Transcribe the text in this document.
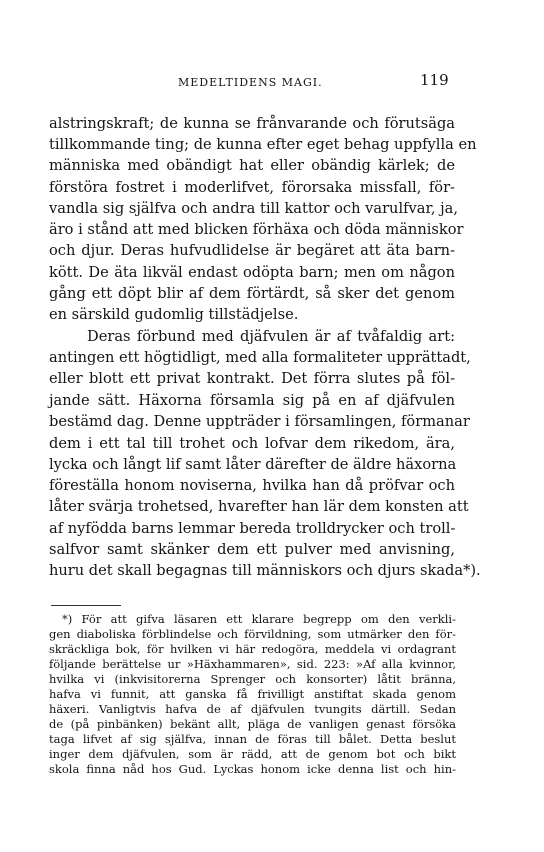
MEDELTIDENS MAGI.	119
alstringskraft; de kunna se frånvarande och förutsäga
tillkommande ting; de kunna efter eget behag uppfylla en
människa med obändigt hat eller obändig kärlek; de
förstöra fostret i moderlifvet, förorsaka missfall, för-
vandla sig själfva och andra till kattor och varulfvar, ja,
äro i stånd att med blicken förhäxa och döda människor
och djur. Deras hufvudlidelse är begäret att äta barn-
kött. De äta likväl endast odöpta barn; men om någon
gång ett döpt blir af dem förtärdt, så sker det genom
en särskild gudomlig tillstädjelse.
Deras förbund med djäfvulen är af tvåfaldig art:
antingen ett högtidligt, med alla formaliteter upprättadt,
eller blott ett privat kontrakt. Det förra slutes på föl-
jande sätt. Häxorna församla sig på en af djäfvulen
bestämd dag. Denne uppträder i församlingen, förmanar
dem i ett tal till trohet och lofvar dem rikedom, ära,
lycka och långt lif samt låter därefter de äldre häxorna
föreställa honom noviserna, hvilka han då pröfvar och
låter svärja trohetsed, hvarefter han lär dem konsten att
af nyfödda barns lemmar bereda trolldrycker och troll-
salfvor samt skänker dem ett pulver med anvisning,
huru det skall begagnas till människors och djurs skada*).
*) För att gifva läsaren ett klarare begrepp om den verkli-
gen diaboliska förblindelse och förvildning, som utmärker den för-
skräckliga bok, för hvilken vi här redogöra, meddela vi ordagrant
följande berättelse ur »Häxhammaren», sid. 223: »Af alla kvinnor,
hvilka vi (inkvisitorerna Sprenger och konsorter) låtit bränna,
hafva vi funnit, att ganska få frivilligt anstiftat skada genom
häxeri. Vanligtvis hafva de af djäfvulen tvungits därtill. Sedan
de (på pinbänken) bekänt allt, pläga de vanligen genast försöka
taga lifvet af sig själfva, innan de föras till bålet. Detta beslut
inger dem djäfvulen, som är rädd, att de genom bot och bikt
skola finna nåd hos Gud. Lyckas honom icke denna list och hin-
